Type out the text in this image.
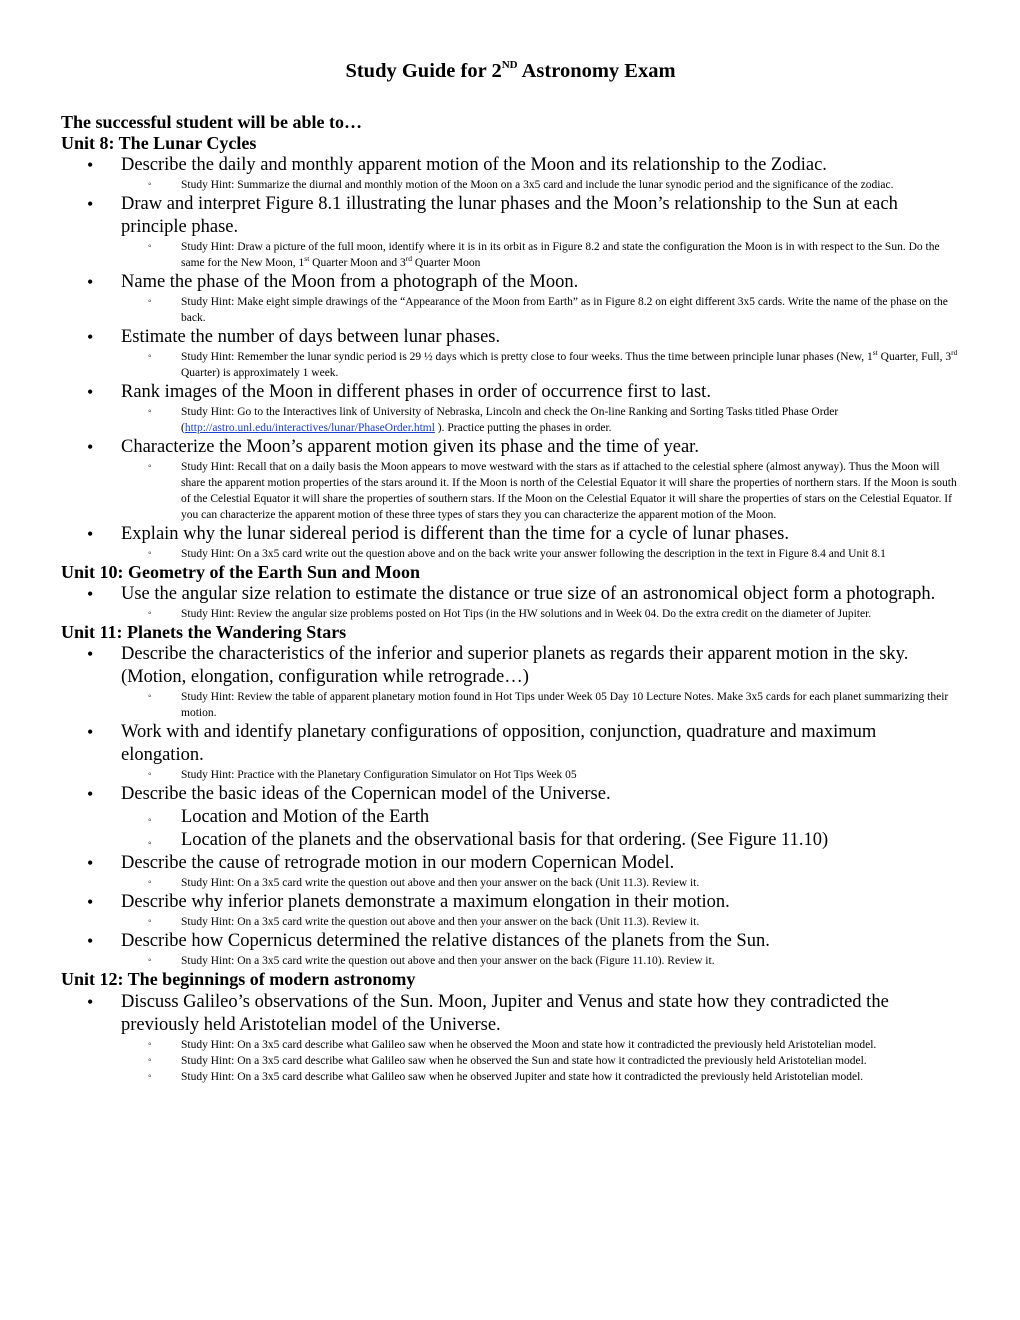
Study Guide for 2ND Astronomy Exam
The successful student will be able to…
Unit 8: The Lunar Cycles
• Describe the daily and monthly apparent motion of the Moon and its relationship to the Zodiac.
◦	Study Hint: Summarize the diurnal and monthly motion of the Moon on a 3x5 card and include the lunar synodic period and the significance of the zodiac.
• Draw and interpret Figure 8.1 illustrating the lunar phases and the Moon’s relationship to the Sun at each principle phase.
◦	Study Hint: Draw a picture of the full moon, identify where it is in its orbit as in Figure 8.2 and state the configuration the Moon is in with respect to the Sun. Do the same for the New Moon, 1st Quarter Moon and 3rd Quarter Moon
• Name the phase of the Moon from a photograph of the Moon.
◦	Study Hint: Make eight simple drawings of the “Appearance of the Moon from Earth” as in Figure 8.2 on eight different 3x5 cards. Write the name of the phase on the back.
• Estimate the number of days between lunar phases.
◦	Study Hint: Remember the lunar syndic period is 29 ½ days which is pretty close to four weeks. Thus the time between principle lunar phases (New, 1st Quarter, Full, 3rd Quarter) is approximately 1 week.
• Rank images of the Moon in different phases in order of occurrence first to last.
◦	Study Hint: Go to the Interactives link of University of Nebraska, Lincoln and check the On-line Ranking and Sorting Tasks titled Phase Order (http://astro.unl.edu/interactives/lunar/PhaseOrder.html ). Practice putting the phases in order.
• Characterize the Moon’s apparent motion given its phase and the time of year.
◦	Study Hint: Recall that on a daily basis the Moon appears to move westward with the stars as if attached to the celestial sphere (almost anyway). Thus the Moon will share the apparent motion properties of the stars around it. If the Moon is north of the Celestial Equator it will share the properties of northern stars. If the Moon is south of the Celestial Equator it will share the properties of southern stars. If the Moon on the Celestial Equator it will share the properties of stars on the Celestial Equator. If you can characterize the apparent motion of these three types of stars they you can characterize the apparent motion of the Moon.
• Explain why the lunar sidereal period is different than the time for a cycle of lunar phases.
◦	Study Hint: On a 3x5 card write out the question above and on the back write your answer following the description in the text in Figure 8.4 and Unit 8.1
Unit 10: Geometry of the Earth Sun and Moon
• Use the angular size relation to estimate the distance or true size of an astronomical object form a photograph.
◦	Study Hint: Review the angular size problems posted on Hot Tips (in the HW solutions and in Week 04. Do the extra credit on the diameter of Jupiter.
Unit 11: Planets the Wandering Stars
• Describe the characteristics of the inferior and superior planets as regards their apparent motion in the sky. (Motion, elongation, configuration while retrograde…)
◦	Study Hint: Review the table of apparent planetary motion found in Hot Tips under Week 05 Day 10 Lecture Notes. Make 3x5 cards for each planet summarizing their motion.
• Work with and identify planetary configurations of opposition, conjunction, quadrature and maximum elongation.
◦	Study Hint: Practice with the Planetary Configuration Simulator on Hot Tips Week 05
• Describe the basic ideas of the Copernican model of the Universe.
◦ Location and Motion of the Earth
◦ Location of the planets and the observational basis for that ordering. (See Figure 11.10)
• Describe the cause of retrograde motion in our modern Copernican Model.
◦	Study Hint: On a 3x5 card write the question out above and then your answer on the back (Unit 11.3). Review it.
• Describe why inferior planets demonstrate a maximum elongation in their motion.
◦	Study Hint: On a 3x5 card write the question out above and then your answer on the back (Unit 11.3). Review it.
• Describe how Copernicus determined the relative distances of the planets from the Sun.
◦	Study Hint: On a 3x5 card write the question out above and then your answer on the back (Figure 11.10). Review it.
Unit 12: The beginnings of modern astronomy
• Discuss Galileo’s observations of the Sun. Moon, Jupiter and Venus and state how they contradicted the previously held Aristotelian model of the Universe.
◦	Study Hint: On a 3x5 card describe what Galileo saw when he observed the Moon and state how it contradicted the previously held Aristotelian model.
◦	Study Hint: On a 3x5 card describe what Galileo saw when he observed the Sun and state how it contradicted the previously held Aristotelian model.
◦	Study Hint: On a 3x5 card describe what Galileo saw when he observed Jupiter and state how it contradicted the previously held Aristotelian model.
